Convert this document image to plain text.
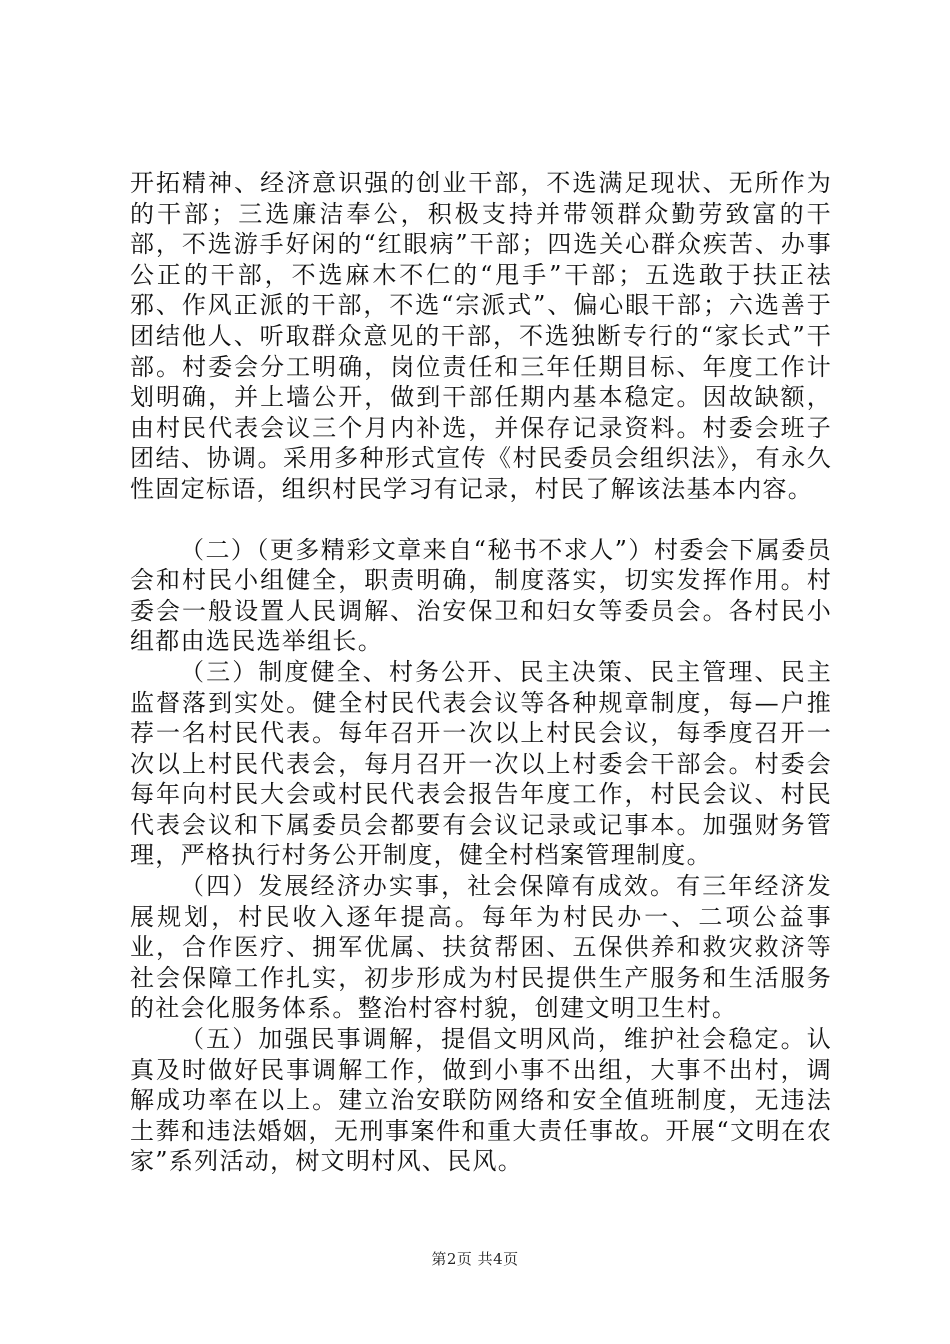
开拓精神、经济意识强的创业干部，不选满足现状、无所作为的干部；三选廉洁奉公，积极支持并带领群众勤劳致富的干部，不选游手好闲的“红眼病”干部；四选关心群众疾苦、办事公正的干部，不选麻木不仁的“甩手”干部；五选敢于扶正祛邪、作风正派的干部，不选“宗派式”、偏心眼干部；六选善于团结他人、听取群众意见的干部，不选独断专行的“家长式”干部。村委会分工明确，岗位责任和三年任期目标、年度工作计划明确，并上墙公开，做到干部任期内基本稳定。因故缺额，由村民代表会议三个月内补选，并保存记录资料。村委会班子团结、协调。采用多种形式宣传《村民委员会组织法》，有永久性固定标语，组织村民学习有记录，村民了解该法基本内容。

（二）（更多精彩文章来自“秘书不求人”）村委会下属委员会和村民小组健全，职责明确，制度落实，切实发挥作用。村委会一般设置人民调解、治安保卫和妇女等委员会。各村民小组都由选民选举组长。

（三）制度健全、村务公开、民主决策、民主管理、民主监督落到实处。健全村民代表会议等各种规章制度，每—户推荐一名村民代表。每年召开一次以上村民会议，每季度召开一次以上村民代表会，每月召开一次以上村委会干部会。村委会每年向村民大会或村民代表会报告年度工作，村民会议、村民代表会议和下属委员会都要有会议记录或记事本。加强财务管理，严格执行村务公开制度，健全村档案管理制度。

（四）发展经济办实事，社会保障有成效。有三年经济发展规划，村民收入逐年提高。每年为村民办一、二项公益事业，合作医疗、拥军优属、扶贫帮困、五保供养和救灾救济等社会保障工作扎实，初步形成为村民提供生产服务和生活服务的社会化服务体系。整治村容村貌，创建文明卫生村。

（五）加强民事调解，提倡文明风尚，维护社会稳定。认真及时做好民事调解工作，做到小事不出组，大事不出村，调解成功率在以上。建立治安联防网络和安全值班制度，无违法土葬和违法婚姻，无刑事案件和重大责任事故。开展“文明在农家”系列活动，树文明村风、民风。

第2页 共4页
